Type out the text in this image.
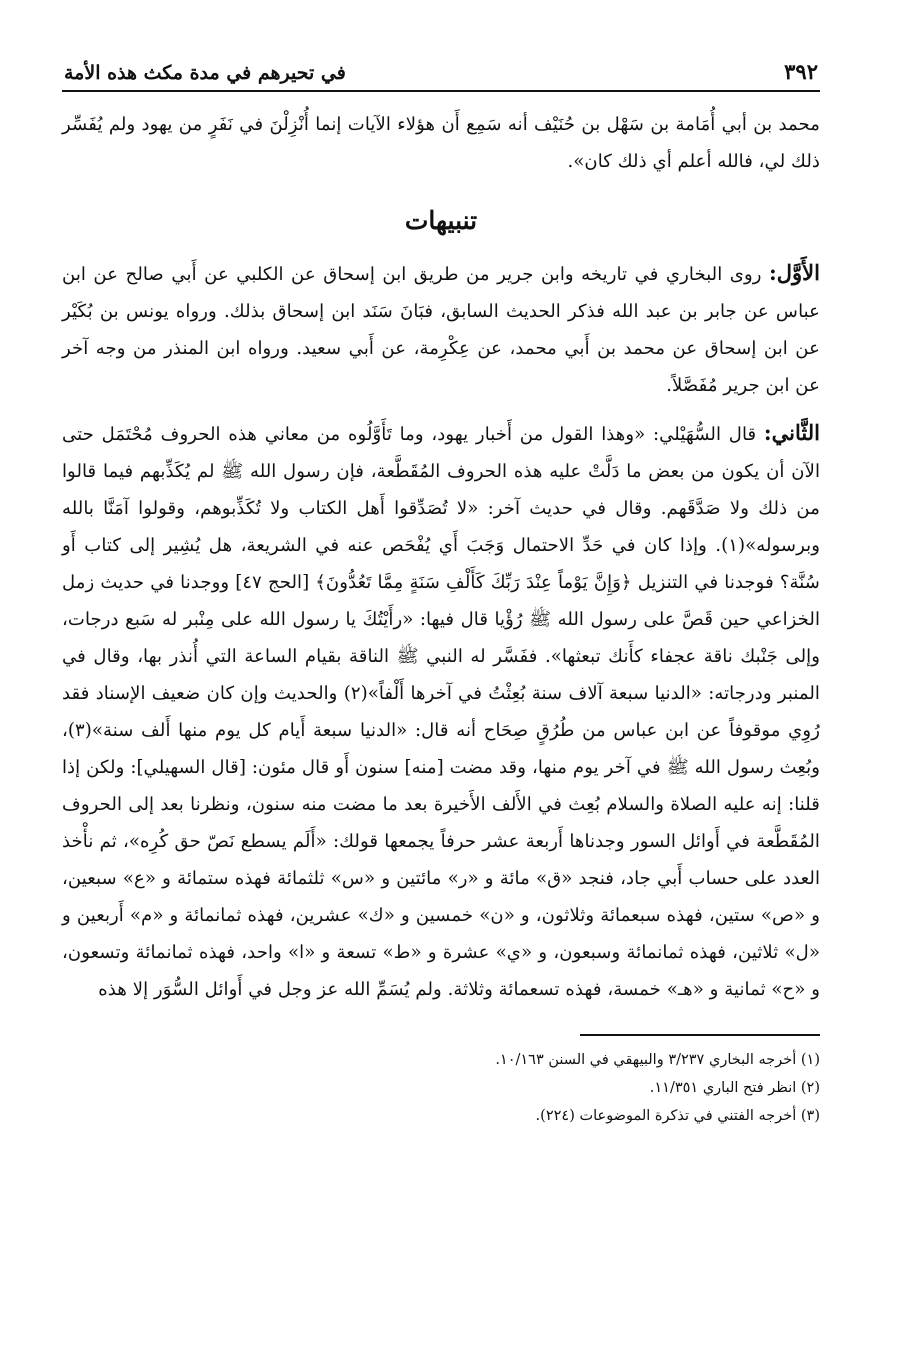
٣٩٢
في تحيرهم في مدة مكث هذه الأمة

محمد بن أبي أُمَامة بن سَهْل بن حُنَيْف أنه سَمِع أَن هؤلاء الآيات إنما أُنْزِلْنَ في نَفَرٍ من يهود ولم يُفَسِّر ذلك لي، فالله أعلم أي ذلك كان».

تنبيهات

الأَوَّل: روى البخاري في تاريخه وابن جرير من طريق ابن إسحاق عن الكلبي عن أَبي صالح عن ابن عباس عن جابر بن عبد الله فذكر الحديث السابق، فبَانَ سَنَد ابن إسحاق بذلك. ورواه يونس بن بُكَيْر عن ابن إسحاق عن محمد بن أَبي محمد، عن عِكْرِمة، عن أَبي سعيد. ورواه ابن المنذر من وجه آخر عن ابن جرير مُفَصَّلاً.

الثَّاني: قال السُّهَيْلي: «وهذا القول من أَخبار يهود، وما تَأَوَّلُوه من معاني هذه الحروف مُحْتَمَل حتى الآن أن يكون من بعض ما دَلَّتْ عليه هذه الحروف المُقَطَّعة، فإن رسول الله ﷺ لم يُكَذِّبهم فيما قالوا من ذلك ولا صَدَّقَهم. وقال في حديث آخر: «لا تُصَدِّقوا أَهل الكتاب ولا تُكَذِّبوهم، وقولوا آمَنَّا بالله وبرسوله»(١). وإذا كان في حَدِّ الاحتمال وَجَبَ أَي يُفْحَص عنه في الشريعة، هل يُشِير إلى كتاب أَو سُنَّة؟ فوجدنا في التنزيل ﴿وَإِنَّ يَوْماً عِنْدَ رَبِّكَ كَأَلْفِ سَنَةٍ مِمَّا تَعُدُّونَ﴾ [الحج ٤٧] ووجدنا في حديث زمل الخزاعي حين قَصَّ على رسول الله ﷺ رُؤْيا قال فيها: «رأَيْتُكَ يا رسول الله على مِنْبر له سَبع درجات، وإلى جَنْبك ناقة عجفاء كأَنك تبعثها». ففَسَّر له النبي ﷺ الناقة بقيام الساعة التي أُنذر بها، وقال في المنبر ودرجاته: «الدنيا سبعة آلاف سنة بُعِثْتُ في آخرها أَلْفاً»(٢) والحديث وإن كان ضعيف الإسناد فقد رُوِي موقوفاً عن ابن عباس من طُرُقٍ صِحَاح أنه قال: «الدنيا سبعة أَيام كل يوم منها أَلف سنة»(٣)، وبُعِث رسول الله ﷺ في آخر يوم منها، وقد مضت [منه] سنون أَو قال مئون: [قال السهيلي]: ولكن إذا قلنا: إنه عليه الصلاة والسلام بُعِث في الأَلف الأَخيرة بعد ما مضت منه سنون، ونظرنا بعد إلى الحروف المُقَطَّعة في أَوائل السور وجدناها أَربعة عشر حرفاً يجمعها قولك: «أَلَم يسطع نَصّ حق كُرِه»، ثم نأْخذ العدد على حساب أَبي جاد، فنجد «ق» مائة و «ر» مائتين و «س» ثلثمائة فهذه ستمائة و «ع» سبعين، و «ص» ستين، فهذه سبعمائة وثلاثون، و «ن» خمسين و «ك» عشرين، فهذه ثمانمائة و «م» أَربعين و «ل» ثلاثين، فهذه ثمانمائة وسبعون، و «ي» عشرة و «ط» تسعة و «ا» واحد، فهذه ثمانمائة وتسعون، و «ح» ثمانية و «هـ» خمسة، فهذه تسعمائة وثلاثة. ولم يُسَمِّ الله عز وجل في أَوائل السُّوَر إلا هذه

(١) أخرجه البخاري ٣/٢٣٧ والبيهقي في السنن ١٠/١٦٣.

(٢) انظر فتح الباري ١١/٣٥١.

(٣) أخرجه الفتني في تذكرة الموضوعات (٢٢٤).
